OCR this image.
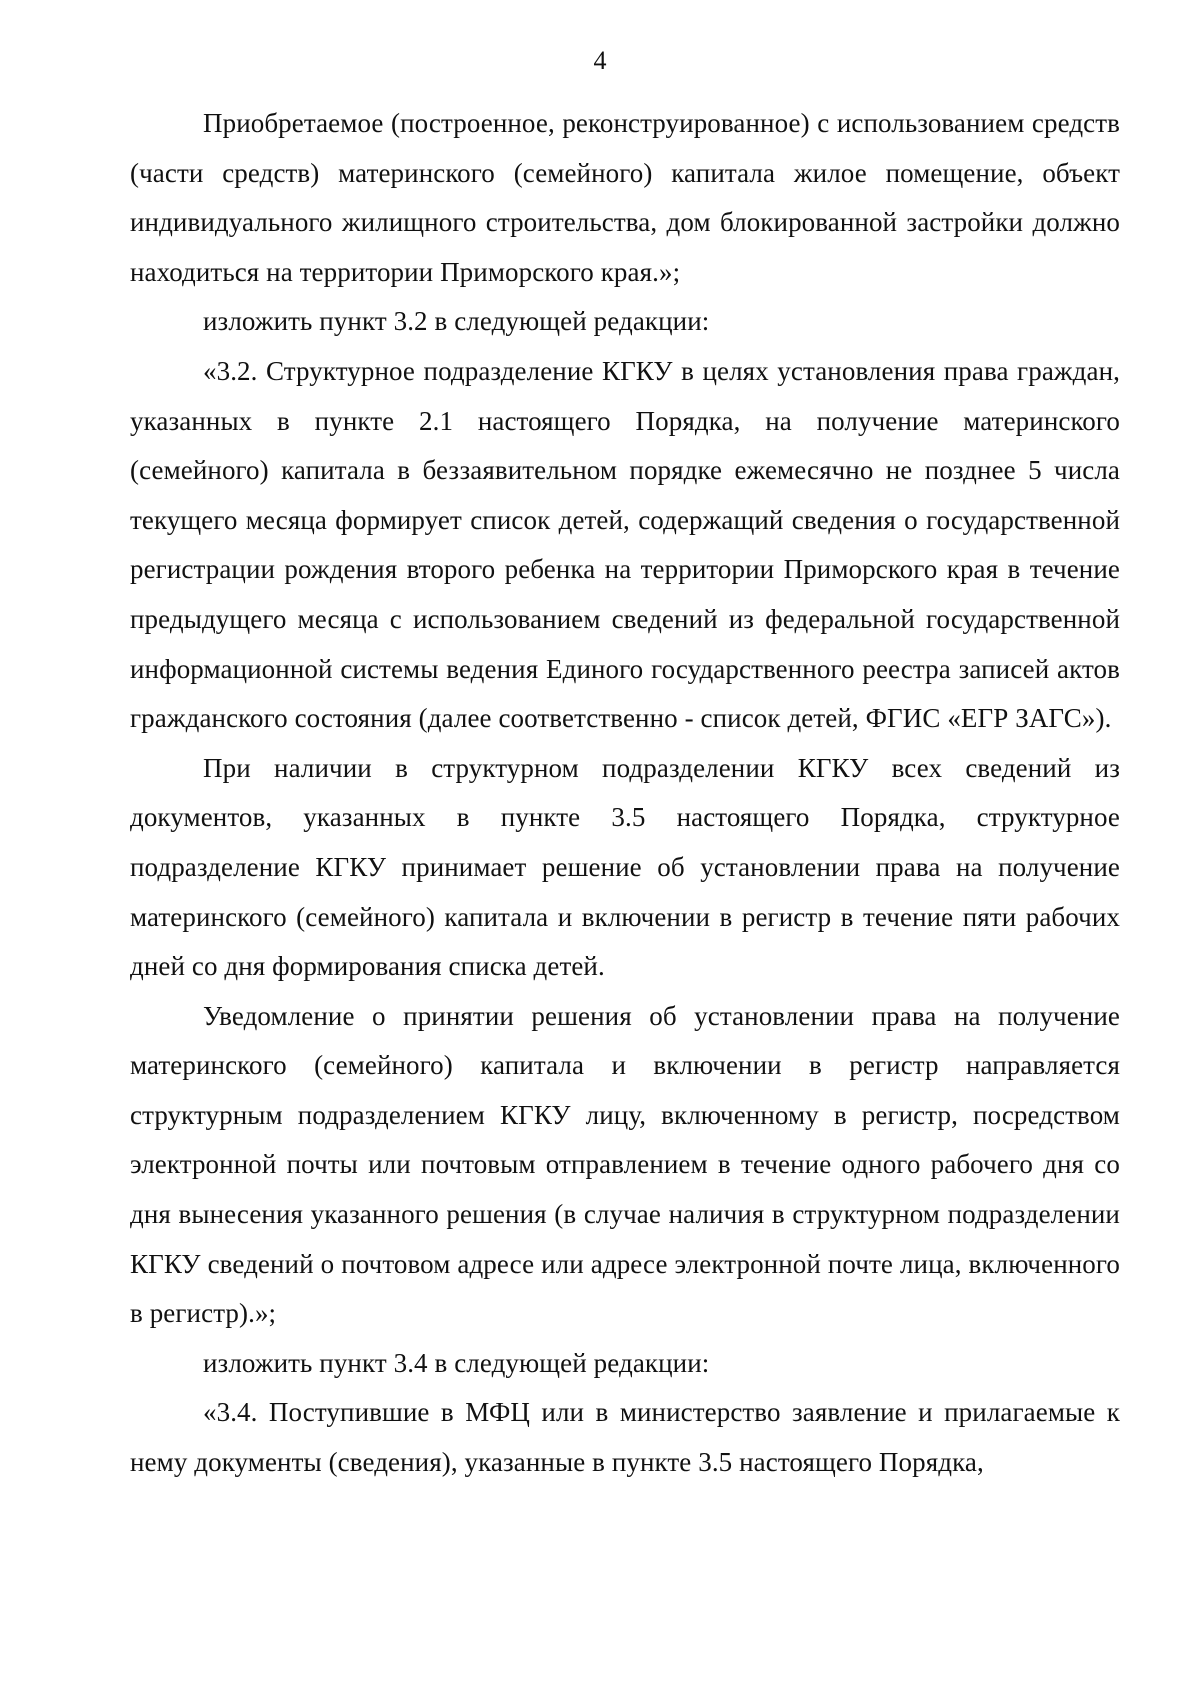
4

Приобретаемое (построенное, реконструированное) с использованием средств (части средств) материнского (семейного) капитала жилое помещение, объект индивидуального жилищного строительства, дом блокированной застройки должно находиться на территории Приморского края.»;

изложить пункт 3.2 в следующей редакции:

«3.2. Структурное подразделение КГКУ в целях установления права граждан, указанных в пункте 2.1 настоящего Порядка, на получение материнского (семейного) капитала в беззаявительном порядке ежемесячно не позднее 5 числа текущего месяца формирует список детей, содержащий сведения о государственной регистрации рождения второго ребенка на территории Приморского края в течение предыдущего месяца с использованием сведений из федеральной государственной информационной системы ведения Единого государственного реестра записей актов гражданского состояния (далее соответственно - список детей, ФГИС «ЕГР ЗАГС»).

При наличии в структурном подразделении КГКУ всех сведений из документов, указанных в пункте 3.5 настоящего Порядка, структурное подразделение КГКУ принимает решение об установлении права на получение материнского (семейного) капитала и включении в регистр в течение пяти рабочих дней со дня формирования списка детей.

Уведомление о принятии решения об установлении права на получение материнского (семейного) капитала и включении в регистр направляется структурным подразделением КГКУ лицу, включенному в регистр, посредством электронной почты или почтовым отправлением в течение одного рабочего дня со дня вынесения указанного решения (в случае наличия в структурном подразделении КГКУ сведений о почтовом адресе или адресе электронной почте лица, включенного в регистр).»;

изложить пункт 3.4 в следующей редакции:

«3.4. Поступившие в МФЦ или в министерство заявление и прилагаемые к нему документы (сведения), указанные в пункте 3.5 настоящего Порядка,
